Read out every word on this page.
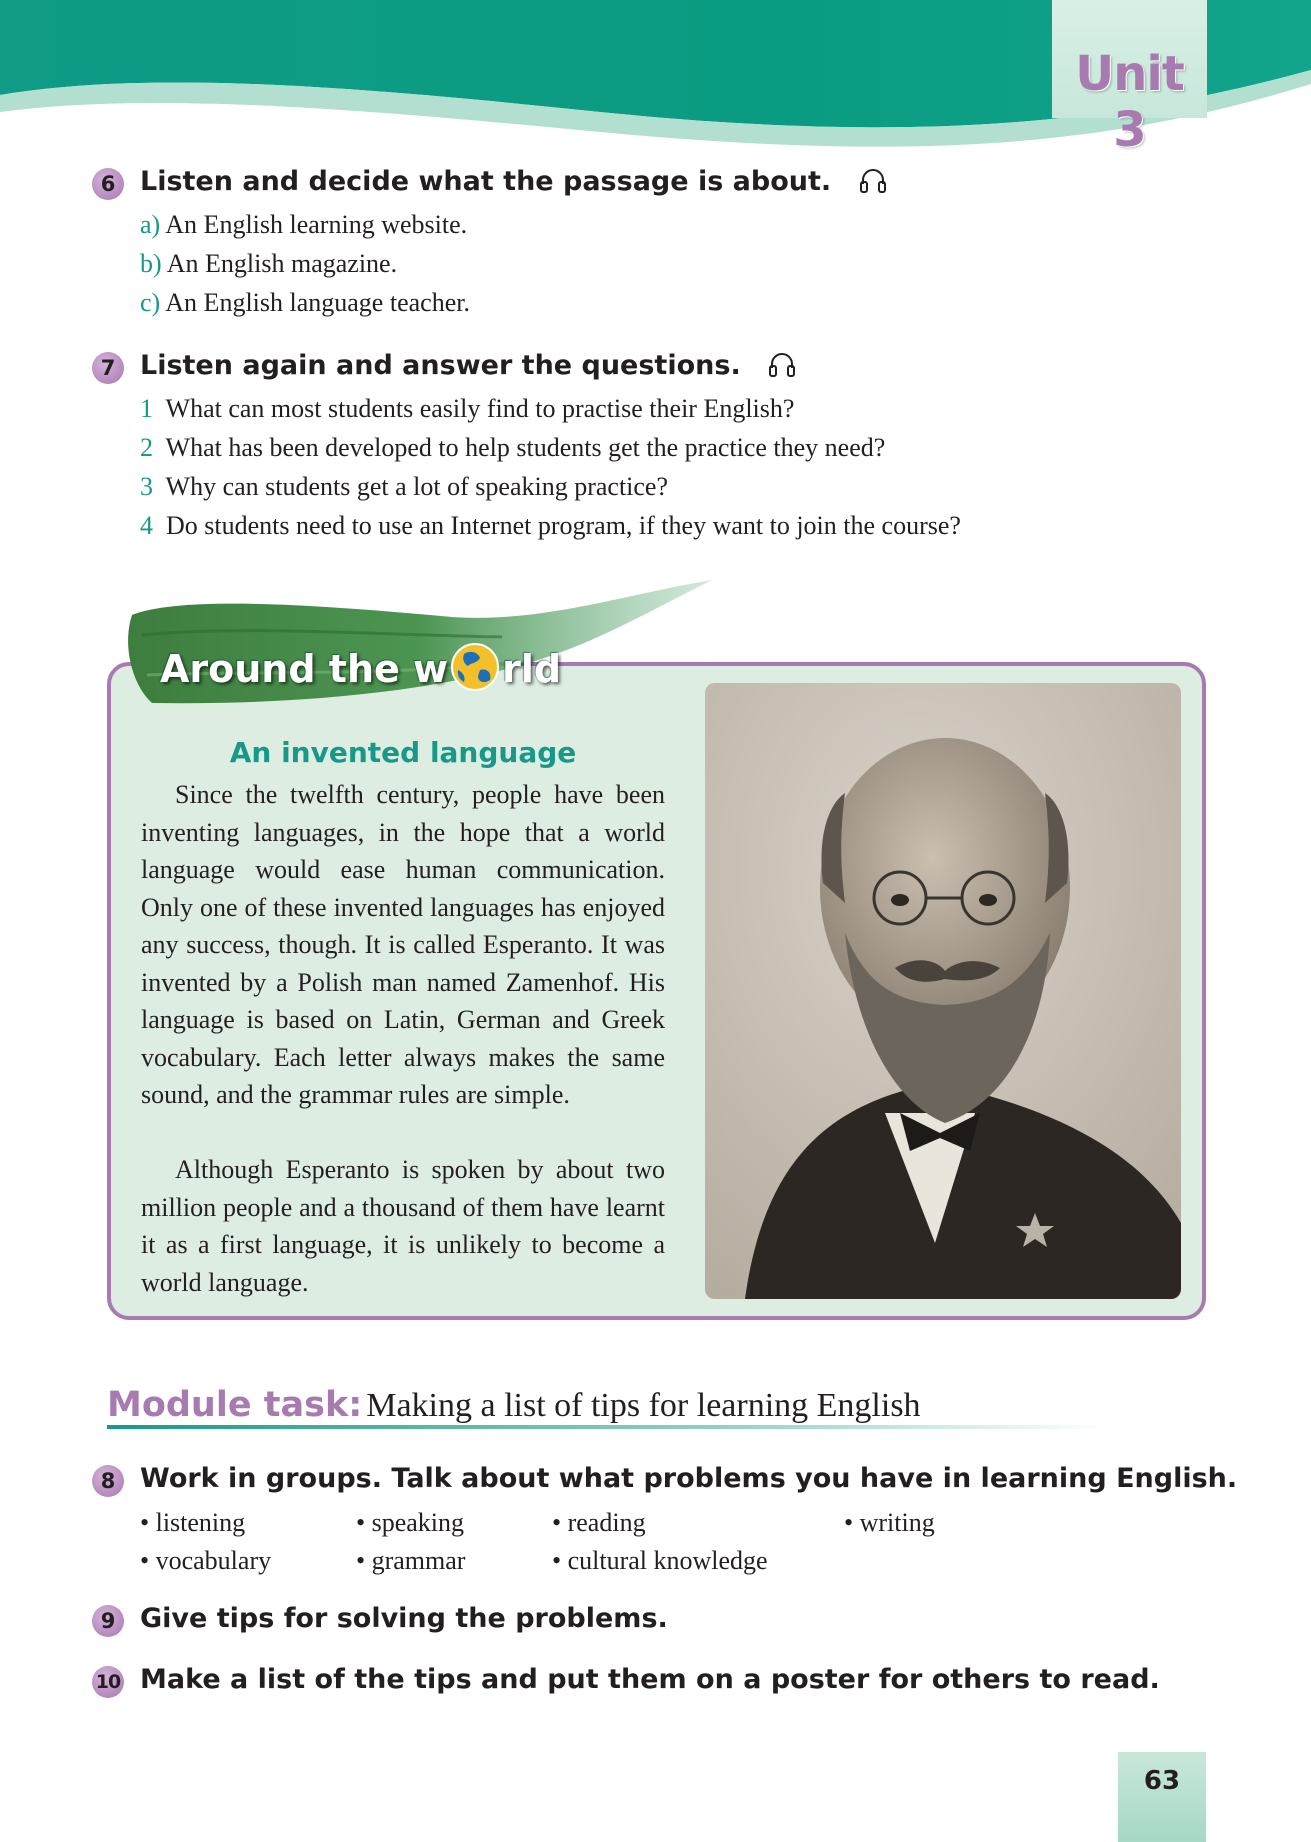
Unit 3
6 Listen and decide what the passage is about.
a) An English learning website.
b) An English magazine.
c) An English language teacher.
7 Listen again and answer the questions.
1 What can most students easily find to practise their English?
2 What has been developed to help students get the practice they need?
3 Why can students get a lot of speaking practice?
4 Do students need to use an Internet program, if they want to join the course?
Around the w rld
An invented language

Since the twelfth century, people have been inventing languages, in the hope that a world language would ease human communication. Only one of these invented languages has enjoyed any success, though. It is called Esperanto. It was invented by a Polish man named Zamenhof. His language is based on Latin, German and Greek vocabulary. Each letter always makes the same sound, and the grammar rules are simple.

Although Esperanto is spoken by about two million people and a thousand of them have learnt it as a first language, it is unlikely to become a world language.

Module task: Making a list of tips for learning English
8 Work in groups. Talk about what problems you have in learning English.
• listening	• speaking	• reading	• writing
• vocabulary	• grammar	• cultural knowledge
9 Give tips for solving the problems.
10 Make a list of the tips and put them on a poster for others to read.
63
